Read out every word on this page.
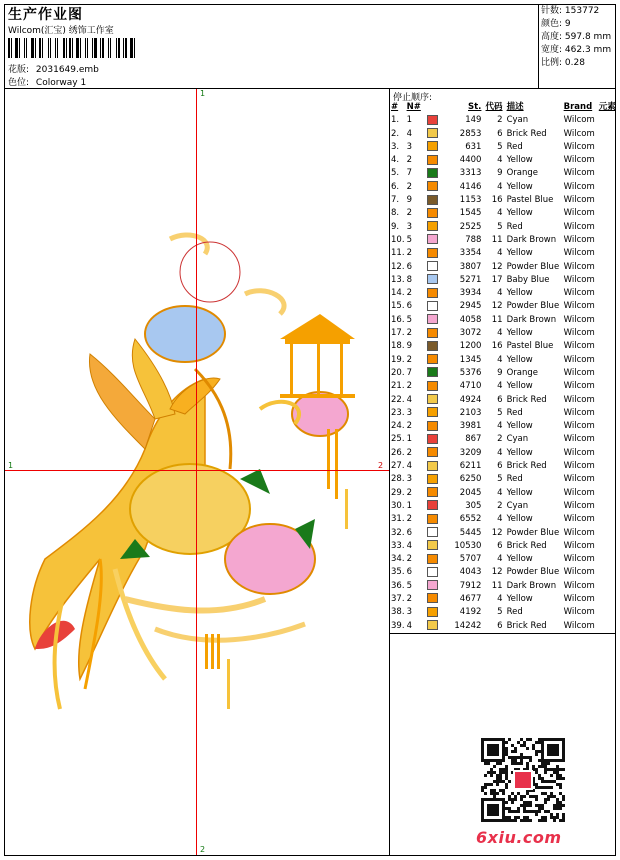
生产作业图
Wilcom(汇宝) 绣饰工作室
花版: 2031649.emb
色位: Colorway 1
针数: 153772
颜色: 9
高度: 597.8 mm
宽度: 462.3 mm
比例: 0.28
1
2
1	2
停止顺序:
#	N#		St.	代码	描述	Brand	元素
1.	1		149	2	Cyan	Wilcom	
2.	4		2853	6	Brick Red	Wilcom	
3.	3		631	5	Red	Wilcom	
4.	2		4400	4	Yellow	Wilcom	
5.	7		3313	9	Orange	Wilcom	
6.	2		4146	4	Yellow	Wilcom	
7.	9		1153	16	Pastel Blue	Wilcom	
8.	2		1545	4	Yellow	Wilcom	
9.	3		2525	5	Red	Wilcom	
10.	5		788	11	Dark Brown	Wilcom	
11.	2		3354	4	Yellow	Wilcom	
12.	6		3807	12	Powder Blue	Wilcom	
13.	8		5271	17	Baby Blue	Wilcom	
14.	2		3934	4	Yellow	Wilcom	
15.	6		2945	12	Powder Blue	Wilcom	
16.	5		4058	11	Dark Brown	Wilcom	
17.	2		3072	4	Yellow	Wilcom	
18.	9		1200	16	Pastel Blue	Wilcom	
19.	2		1345	4	Yellow	Wilcom	
20.	7		5376	9	Orange	Wilcom	
21.	2		4710	4	Yellow	Wilcom	
22.	4		4924	6	Brick Red	Wilcom	
23.	3		2103	5	Red	Wilcom	
24.	2		3981	4	Yellow	Wilcom	
25.	1		867	2	Cyan	Wilcom	
26.	2		3209	4	Yellow	Wilcom	
27.	4		6211	6	Brick Red	Wilcom	
28.	3		6250	5	Red	Wilcom	
29.	2		2045	4	Yellow	Wilcom	
30.	1		305	2	Cyan	Wilcom	
31.	2		6552	4	Yellow	Wilcom	
32.	6		5445	12	Powder Blue	Wilcom	
33.	4		10530	6	Brick Red	Wilcom	
34.	2		5707	4	Yellow	Wilcom	
35.	6		4043	12	Powder Blue	Wilcom	
36.	5		7912	11	Dark Brown	Wilcom	
37.	2		4677	4	Yellow	Wilcom	
38.	3		4192	5	Red	Wilcom	
39.	4		14242	6	Brick Red	Wilcom	
6xiu.com
